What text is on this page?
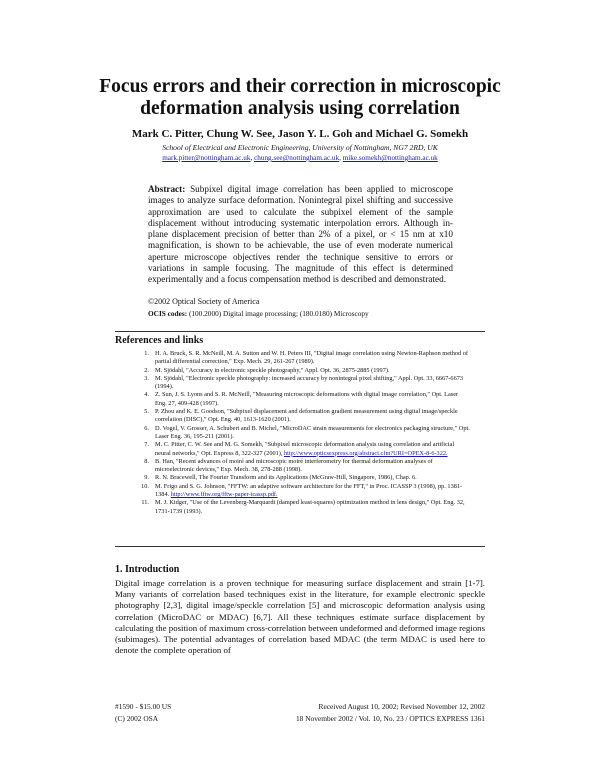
Focus errors and their correction in microscopic
deformation analysis using correlation
Mark C. Pitter, Chung W. See, Jason Y. L. Goh and Michael G. Somekh
School of Electrical and Electronic Engineering, University of Nottingham, NG7 2RD, UK
mark.pitter@nottingham.ac.uk, chung.see@nottingham.ac.uk, mike.somekh@nottingham.ac.uk
Abstract: Subpixel digital image correlation has been applied to microscope images to analyze surface deformation. Nonintegral pixel shifting and successive approximation are used to calculate the subpixel element of the sample displacement without introducing systematic interpolation errors. Although in-plane displacement precision of better than 2% of a pixel, or < 15 nm at x10 magnification, is shown to be achievable, the use of even moderate numerical aperture microscope objectives render the technique sensitive to errors or variations in sample focusing. The magnitude of this effect is determined experimentally and a focus compensation method is described and demonstrated.
©2002 Optical Society of America
OCIS codes: (100.2000) Digital image processing; (180.0180) Microscopy
References and links
1. H. A. Bruck, S. R. McNeill, M. A. Sutton and W. H. Peters III, "Digital image correlation using Newton-Raphson method of partial differential correction," Exp. Mech. 29, 261-267 (1989).
2. M. Sjödahl, "Accuracy in electronic speckle photography," Appl. Opt. 36, 2875-2885 (1997).
3. M. Sjödahl, "Electronic speckle photography: increased accuracy by nonintegral pixel shifting," Appl. Opt. 33, 6667-6673 (1994).
4. Z. Sun, J. S. Lyons and S. R. McNeill, "Measuring microscopic deformations with digital image correlation," Opt. Laser Eng. 27, 409-428 (1997).
5. P. Zhou and K. E. Goodson, "Subpixel displacement and deformation gradient measurement using digital image/speckle correlation (DISC)," Opt. Eng. 40, 1613-1620 (2001).
6. D. Vogel, V. Grosser, A. Schubert and B. Michel, "MicroDAC strain measurements for electronics packaging structure," Opt. Laser Eng. 36, 195-211 (2001).
7. M. C. Pitter, C. W. See and M. G. Somekh, "Subpixel microscopic deformation analysis using correlation and artificial neural networks," Opt. Express 8, 322-327 (2001), http://www.opticsexpress.org/abstract.cfm?URI=OPEX-8-6-322.
8. B. Han, "Recent advances of moiré and microscopic moiré interferometry for thermal deformation analyses of microelectronic devices," Exp. Mech. 38, 278-288 (1998).
9. R. N. Bracewell, The Fourier Transform and its Applications (McGraw-Hill, Singapore, 1986), Chap. 6.
10. M. Frigo and S. G. Johnson, "FFTW: an adaptive software architecture for the FFT," in Proc. ICASSP 3 (1998), pp. 1381-1384. http://www.fftw.org/fftw-paper-icassp.pdf.
11. M. J. Kidger, "Use of the Levenberg-Marquardt (damped least-squares) optimization method in lens design," Opt. Eng. 32, 1731-1739 (1993).
1. Introduction
Digital image correlation is a proven technique for measuring surface displacement and strain [1-7]. Many variants of correlation based techniques exist in the literature, for example electronic speckle photography [2,3], digital image/speckle correlation [5] and microscopic deformation analysis using correlation (MicroDAC or MDAC) [6,7]. All these techniques estimate surface displacement by calculating the position of maximum cross-correlation between undeformed and deformed image regions (subimages). The potential advantages of correlation based MDAC (the term MDAC is used here to denote the complete operation of
#1590 - $15.00 US	Received August 10, 2002; Revised November 12, 2002
(C) 2002 OSA	18 November 2002 / Vol. 10, No. 23 / OPTICS EXPRESS 1361
